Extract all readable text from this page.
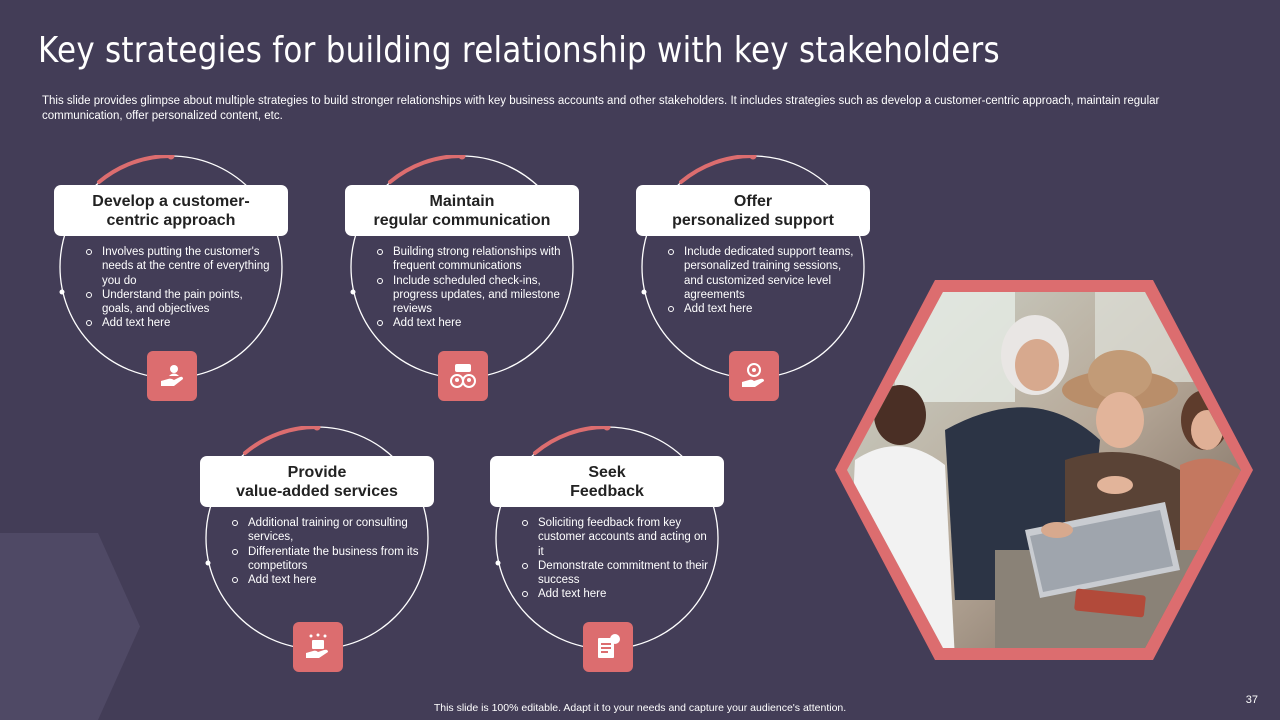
Key strategies for building relationship with key stakeholders
This slide provides glimpse about multiple strategies to build stronger relationships with key business accounts and other stakeholders. It includes strategies such as develop a customer-centric approach, maintain regular communication, offer personalized content, etc.
Develop a customer-
centric approach
Involves putting the customer's needs at the centre of everything you do
Understand the pain points, goals, and objectives
Add text here
Maintain
regular communication
Building strong relationships with frequent communications
Include scheduled check-ins, progress updates, and milestone reviews
Add text here
Offer
personalized support
Include dedicated support teams, personalized training sessions, and customized service level agreements
Add text here
Provide
value-added services
Additional training or consulting services,
Differentiate the business from its competitors
Add text here
Seek
Feedback
Soliciting feedback from key customer accounts and acting on it
Demonstrate commitment to their success
Add text here
This slide is 100% editable. Adapt it to your needs and capture your audience's attention.
37
